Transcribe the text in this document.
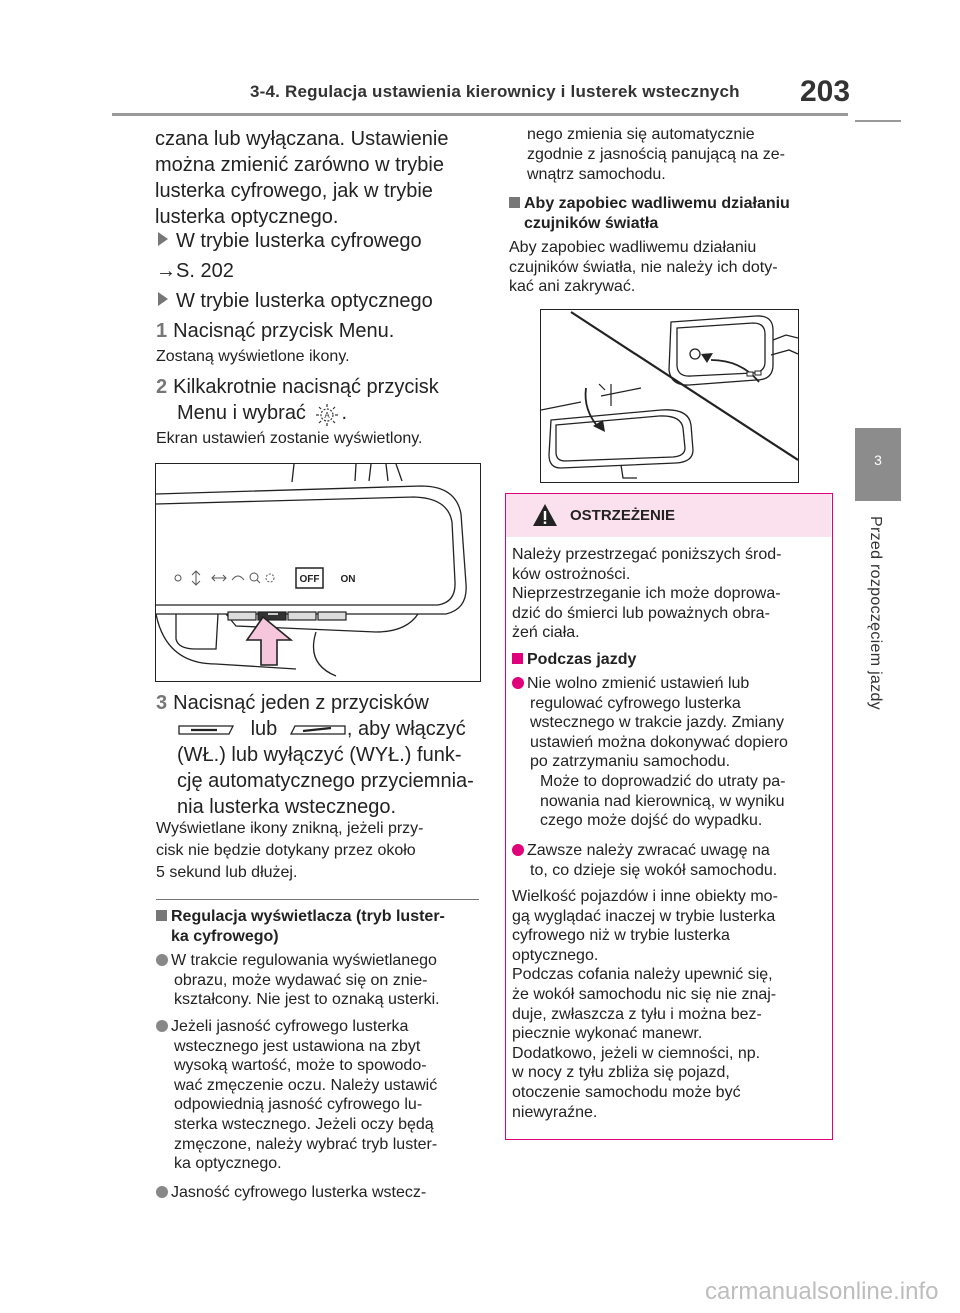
3-4. Regulacja ustawienia kierownicy i lusterek wstecznych 203
3
Przed rozpoczęciem jazdy
czana lub wyłączana. Ustawienie
można zmienić zarówno w trybie
lusterka cyfrowego, jak w trybie
lusterka optycznego.
W trybie lusterka cyfrowego
→S. 202
W trybie lusterka optycznego
1 Nacisnąć przycisk Menu.
Zostaną wyświetlone ikony.
2 Kilkakrotnie nacisnąć przycisk
Menu i wybrać A .
Ekran ustawień zostanie wyświetlony.
OFF ON
3 Nacisnąć jeden z przycisków
lub	, aby włączyć
(WŁ.) lub wyłączyć (WYŁ.) funk-
cję automatycznego przyciemnia-
nia lusterka wstecznego.
Wyświetlane ikony znikną, jeżeli przy-
cisk nie będzie dotykany przez około
5 sekund lub dłużej.
Regulacja wyświetlacza (tryb luster-
ka cyfrowego)
W trakcie regulowania wyświetlanego
obrazu, może wydawać się on znie-
kształcony. Nie jest to oznaką usterki.
Jeżeli jasność cyfrowego lusterka
wstecznego jest ustawiona na zbyt
wysoką wartość, może to spowodo-
wać zmęczenie oczu. Należy ustawić
odpowiednią jasność cyfrowego lu-
sterka wstecznego. Jeżeli oczy będą
zmęczone, należy wybrać tryb luster-
ka optycznego.
Jasność cyfrowego lusterka wstecz-
nego zmienia się automatycznie
zgodnie z jasnością panującą na ze-
wnątrz samochodu.
Aby zapobiec wadliwemu działaniu
czujników światła
Aby zapobiec wadliwemu działaniu
czujników światła, nie należy ich doty-
kać ani zakrywać.
OSTRZEŻENIE
Należy przestrzegać poniższych środ-
ków ostrożności.
Nieprzestrzeganie ich może doprowa-
dzić do śmierci lub poważnych obra-
żeń ciała.
Podczas jazdy
Nie wolno zmienić ustawień lub
regulować cyfrowego lusterka
wstecznego w trakcie jazdy. Zmiany
ustawień można dokonywać dopiero
po zatrzymaniu samochodu.
Może to doprowadzić do utraty pa-
nowania nad kierownicą, w wyniku
czego może dojść do wypadku.
Zawsze należy zwracać uwagę na
to, co dzieje się wokół samochodu.
Wielkość pojazdów i inne obiekty mo-
gą wyglądać inaczej w trybie lusterka
cyfrowego niż w trybie lusterka
optycznego.
Podczas cofania należy upewnić się,
że wokół samochodu nic się nie znaj-
duje, zwłaszcza z tyłu i można bez-
piecznie wykonać manewr.
Dodatkowo, jeżeli w ciemności, np.
w nocy z tyłu zbliża się pojazd,
otoczenie samochodu może być
niewyraźne.
carmanualsonline.info
